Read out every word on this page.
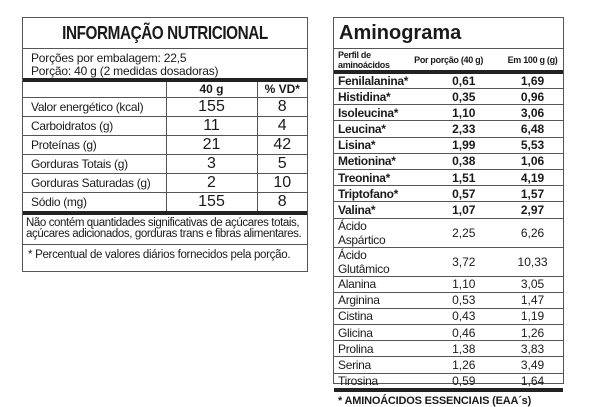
INFORMAÇÃO NUTRICIONAL
Porções por embalagem: 22,5
Porção: 40 g (2 medidas dosadoras)
	40 g	% VD*
Valor energético (kcal)	155	8
Carboidratos (g)	11	4
Proteínas (g)	21	42
Gorduras Totais (g)	3	5
Gorduras Saturadas (g)	2	10
Sódio (mg)	155	8
Não contém quantidades significativas de açúcares totais,
açúcares adicionados, gorduras trans e fibras alimentares.
* Percentual de valores diários fornecidos pela porção.
Aminograma
Perfil de aminoácidos	Por porção (40 g)	Em 100 g (g)
Fenilalanina*	0,61	1,69
Histidina*	0,35	0,96
Isoleucina*	1,10	3,06
Leucina*	2,33	6,48
Lisina*	1,99	5,53
Metionina*	0,38	1,06
Treonina*	1,51	4,19
Triptofano*	0,57	1,57
Valina*	1,07	2,97
Ácido Aspártico	2,25	6,26
Ácido Glutâmico	3,72	10,33
Alanina	1,10	3,05
Arginina	0,53	1,47
Cistina	0,43	1,19
Glicina	0,46	1,26
Prolina	1,38	3,83
Serina	1,26	3,49
Tirosina	0,59	1,64
* AMINOÁCIDOS ESSENCIAIS (EAA´s)
